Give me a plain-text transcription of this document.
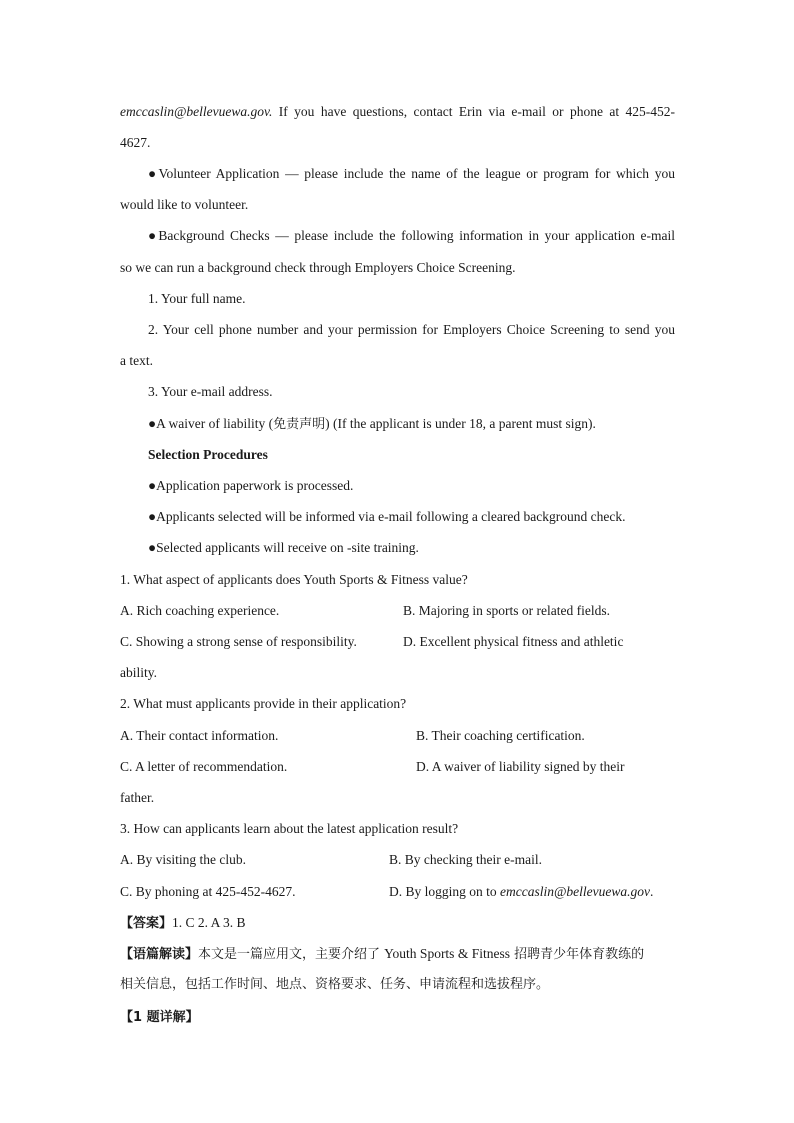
emccaslin@bellevuewa.gov. If you have questions, contact Erin via e-mail or phone at 425-452-
4627.
●Volunteer Application — please include the name of the league or program for which you
would like to volunteer.
●Background Checks — please include the following information in your application e-mail
so we can run a background check through Employers Choice Screening.
1. Your full name.
2. Your cell phone number and your permission for Employers Choice Screening to send you
a text.
3. Your e-mail address.
●A waiver of liability (免责声明) (If the applicant is under 18, a parent must sign).
Selection Procedures
●Application paperwork is processed.
●Applicants selected will be informed via e-mail following a cleared background check.
●Selected applicants will receive on -site training.
1. What aspect of applicants does Youth Sports & Fitness value?
A. Rich coaching experience.	B. Majoring in sports or related fields.
C. Showing a strong sense of responsibility.	D. Excellent physical fitness and athletic
ability.
2. What must applicants provide in their application?
A. Their contact information.	B. Their coaching certification.
C. A letter of recommendation.	D. A waiver of liability signed by their
father.
3. How can applicants learn about the latest application result?
A. By visiting the club.	B. By checking their e-mail.
C. By phoning at 425-452-4627.	D. By logging on to emccaslin@bellevuewa.gov.
【答案】1. C 2. A 3. B
【语篇解读】本文是一篇应用文，主要介绍了 Youth Sports & Fitness 招聘青少年体育教练的
相关信息，包括工作时间、地点、资格要求、任务、申请流程和选拔程序。
【1 题详解】
